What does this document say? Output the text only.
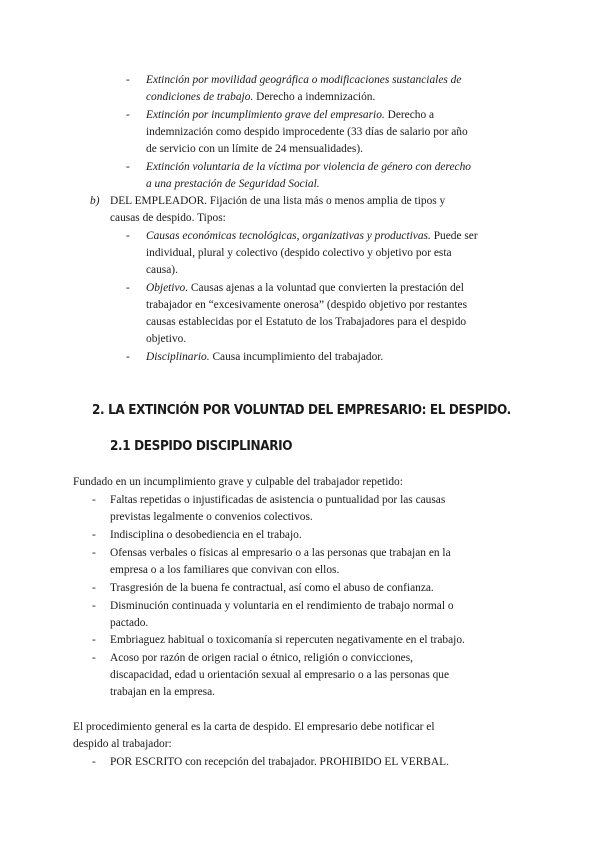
- Extinción por movilidad geográfica o modificaciones sustanciales de
condiciones de trabajo. Derecho a indemnización.
- Extinción por incumplimiento grave del empresario. Derecho a
indemnización como despido improcedente (33 días de salario por año
de servicio con un límite de 24 mensualidades).
- Extinción voluntaria de la víctima por violencia de género con derecho
a una prestación de Seguridad Social.
b) DEL EMPLEADOR. Fijación de una lista más o menos amplia de tipos y
causas de despido. Tipos:
- Causas económicas tecnológicas, organizativas y productivas. Puede ser
individual, plural y colectivo (despido colectivo y objetivo por esta
causa).
- Objetivo. Causas ajenas a la voluntad que convierten la prestación del
trabajador en “excesivamente onerosa” (despido objetivo por restantes
causas establecidas por el Estatuto de los Trabajadores para el despido
objetivo.
- Disciplinario. Causa incumplimiento del trabajador.
2. LA EXTINCIÓN POR VOLUNTAD DEL EMPRESARIO: EL DESPIDO.
2.1 DESPIDO DISCIPLINARIO
Fundado en un incumplimiento grave y culpable del trabajador repetido:
- Faltas repetidas o injustificadas de asistencia o puntualidad por las causas
previstas legalmente o convenios colectivos.
- Indisciplina o desobediencia en el trabajo.
- Ofensas verbales o físicas al empresario o a las personas que trabajan en la
empresa o a los familiares que convivan con ellos.
- Trasgresión de la buena fe contractual, así como el abuso de confianza.
- Disminución continuada y voluntaria en el rendimiento de trabajo normal o
pactado.
- Embriaguez habitual o toxicomanía si repercuten negativamente en el trabajo.
- Acoso por razón de origen racial o étnico, religión o convicciones,
discapacidad, edad u orientación sexual al empresario o a las personas que
trabajan en la empresa.
El procedimiento general es la carta de despido. El empresario debe notificar el
despido al trabajador:
- POR ESCRITO con recepción del trabajador. PROHIBIDO EL VERBAL.
